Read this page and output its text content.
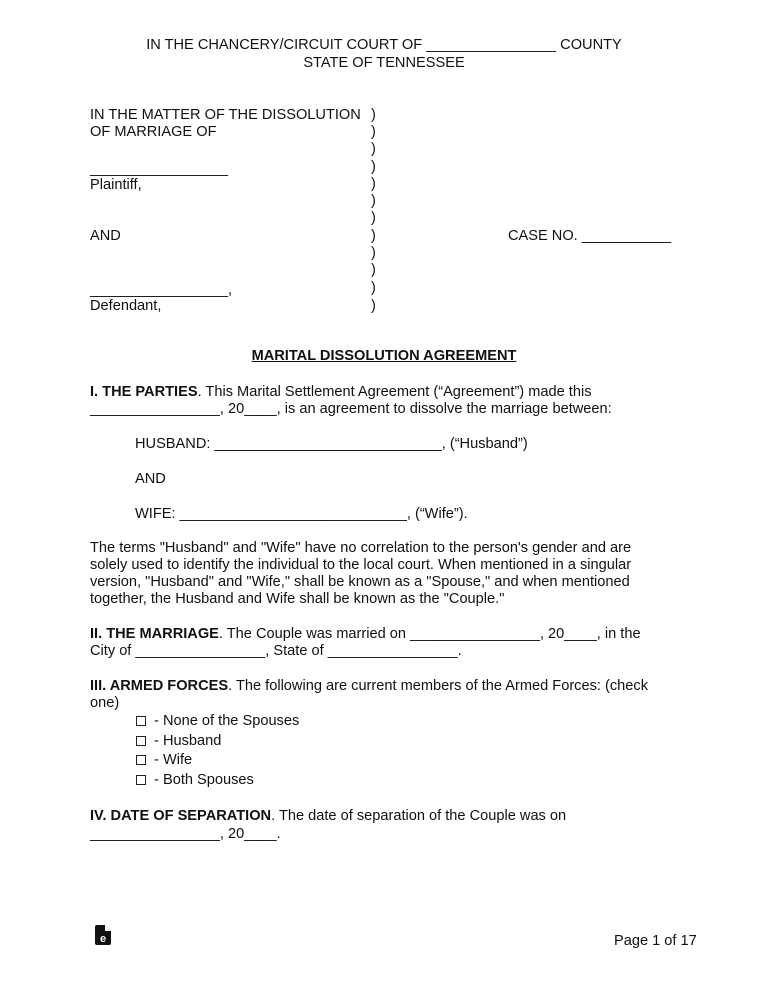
IN THE CHANCERY/CIRCUIT COURT OF ________________ COUNTY
STATE OF TENNESSEE
IN THE MATTER OF THE DISSOLUTION
OF MARRIAGE OF
_________________
Plaintiff,
AND
_________________,
Defendant,
)
)
)
)
)
)
)
)
)
)
)
)
CASE NO. ___________
MARITAL DISSOLUTION AGREEMENT
I. THE PARTIES. This Marital Settlement Agreement (“Agreement”) made this
________________, 20____, is an agreement to dissolve the marriage between:
HUSBAND: ____________________________, (“Husband”)
AND
WIFE: ____________________________, (“Wife”).
The terms "Husband" and "Wife" have no correlation to the person's gender and are
solely used to identify the individual to the local court. When mentioned in a singular
version, "Husband" and "Wife," shall be known as a "Spouse," and when mentioned
together, the Husband and Wife shall be known as the "Couple."
II. THE MARRIAGE. The Couple was married on ________________, 20____, in the
City of ________________, State of ________________.
III. ARMED FORCES. The following are current members of the Armed Forces: (check
one)
- None of the Spouses
- Husband
- Wife
- Both Spouses
IV. DATE OF SEPARATION. The date of separation of the Couple was on
________________, 20____.
e	Page 1 of 17
